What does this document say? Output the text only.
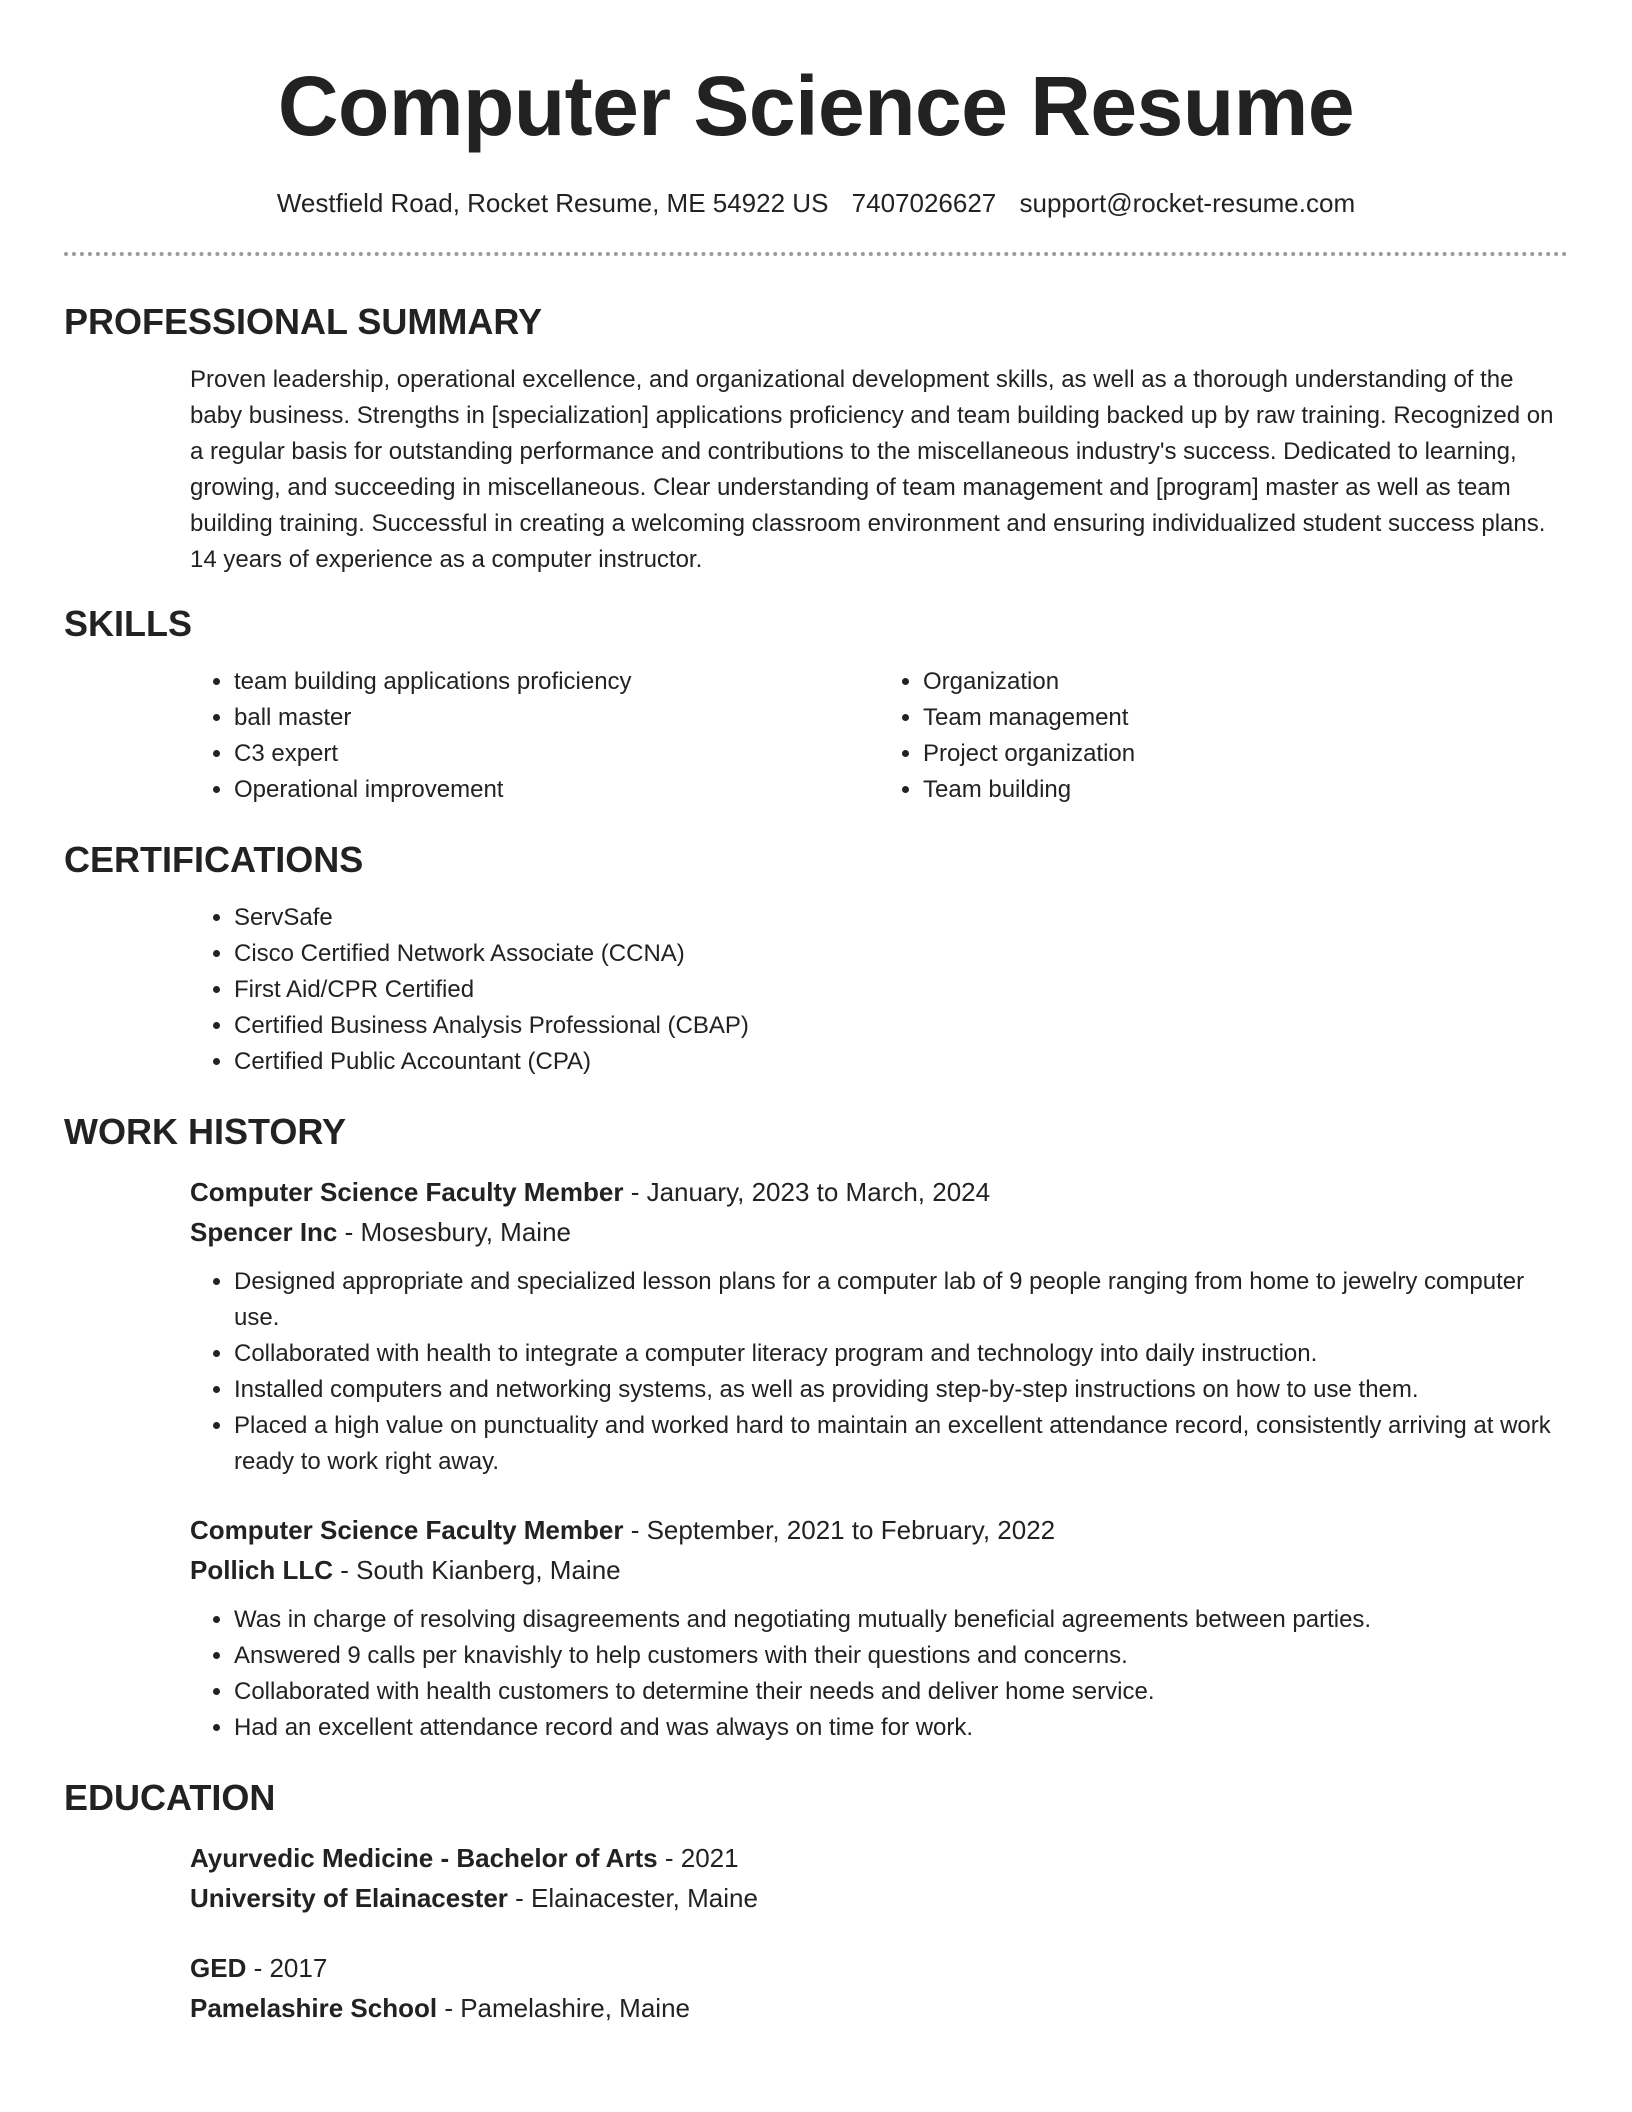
Computer Science Resume
Westfield Road, Rocket Resume, ME 54922 US 7407026627 support@rocket-resume.com
PROFESSIONAL SUMMARY

Proven leadership, operational excellence, and organizational development skills, as well as a thorough understanding of the baby business. Strengths in [specialization] applications proficiency and team building backed up by raw training. Recognized on a regular basis for outstanding performance and contributions to the miscellaneous industry's success. Dedicated to learning, growing, and succeeding in miscellaneous. Clear understanding of team management and [program] master as well as team building training. Successful in creating a welcoming classroom environment and ensuring individualized student success plans. 14 years of experience as a computer instructor.

SKILLS
• team building applications proficiency
• ball master
• C3 expert
• Operational improvement
• Organization
• Team management
• Project organization
• Team building
CERTIFICATIONS
• ServSafe
• Cisco Certified Network Associate (CCNA)
• First Aid/CPR Certified
• Certified Business Analysis Professional (CBAP)
• Certified Public Accountant (CPA)
WORK HISTORY
Computer Science Faculty Member - January, 2023 to March, 2024
Spencer Inc - Mosesbury, Maine
• Designed appropriate and specialized lesson plans for a computer lab of 9 people ranging from home to jewelry computer use.
• Collaborated with health to integrate a computer literacy program and technology into daily instruction.
• Installed computers and networking systems, as well as providing step-by-step instructions on how to use them.
• Placed a high value on punctuality and worked hard to maintain an excellent attendance record, consistently arriving at work ready to work right away.
Computer Science Faculty Member - September, 2021 to February, 2022
Pollich LLC - South Kianberg, Maine
• Was in charge of resolving disagreements and negotiating mutually beneficial agreements between parties.
• Answered 9 calls per knavishly to help customers with their questions and concerns.
• Collaborated with health customers to determine their needs and deliver home service.
• Had an excellent attendance record and was always on time for work.
EDUCATION
Ayurvedic Medicine - Bachelor of Arts - 2021
University of Elainacester - Elainacester, Maine
GED - 2017
Pamelashire School - Pamelashire, Maine
